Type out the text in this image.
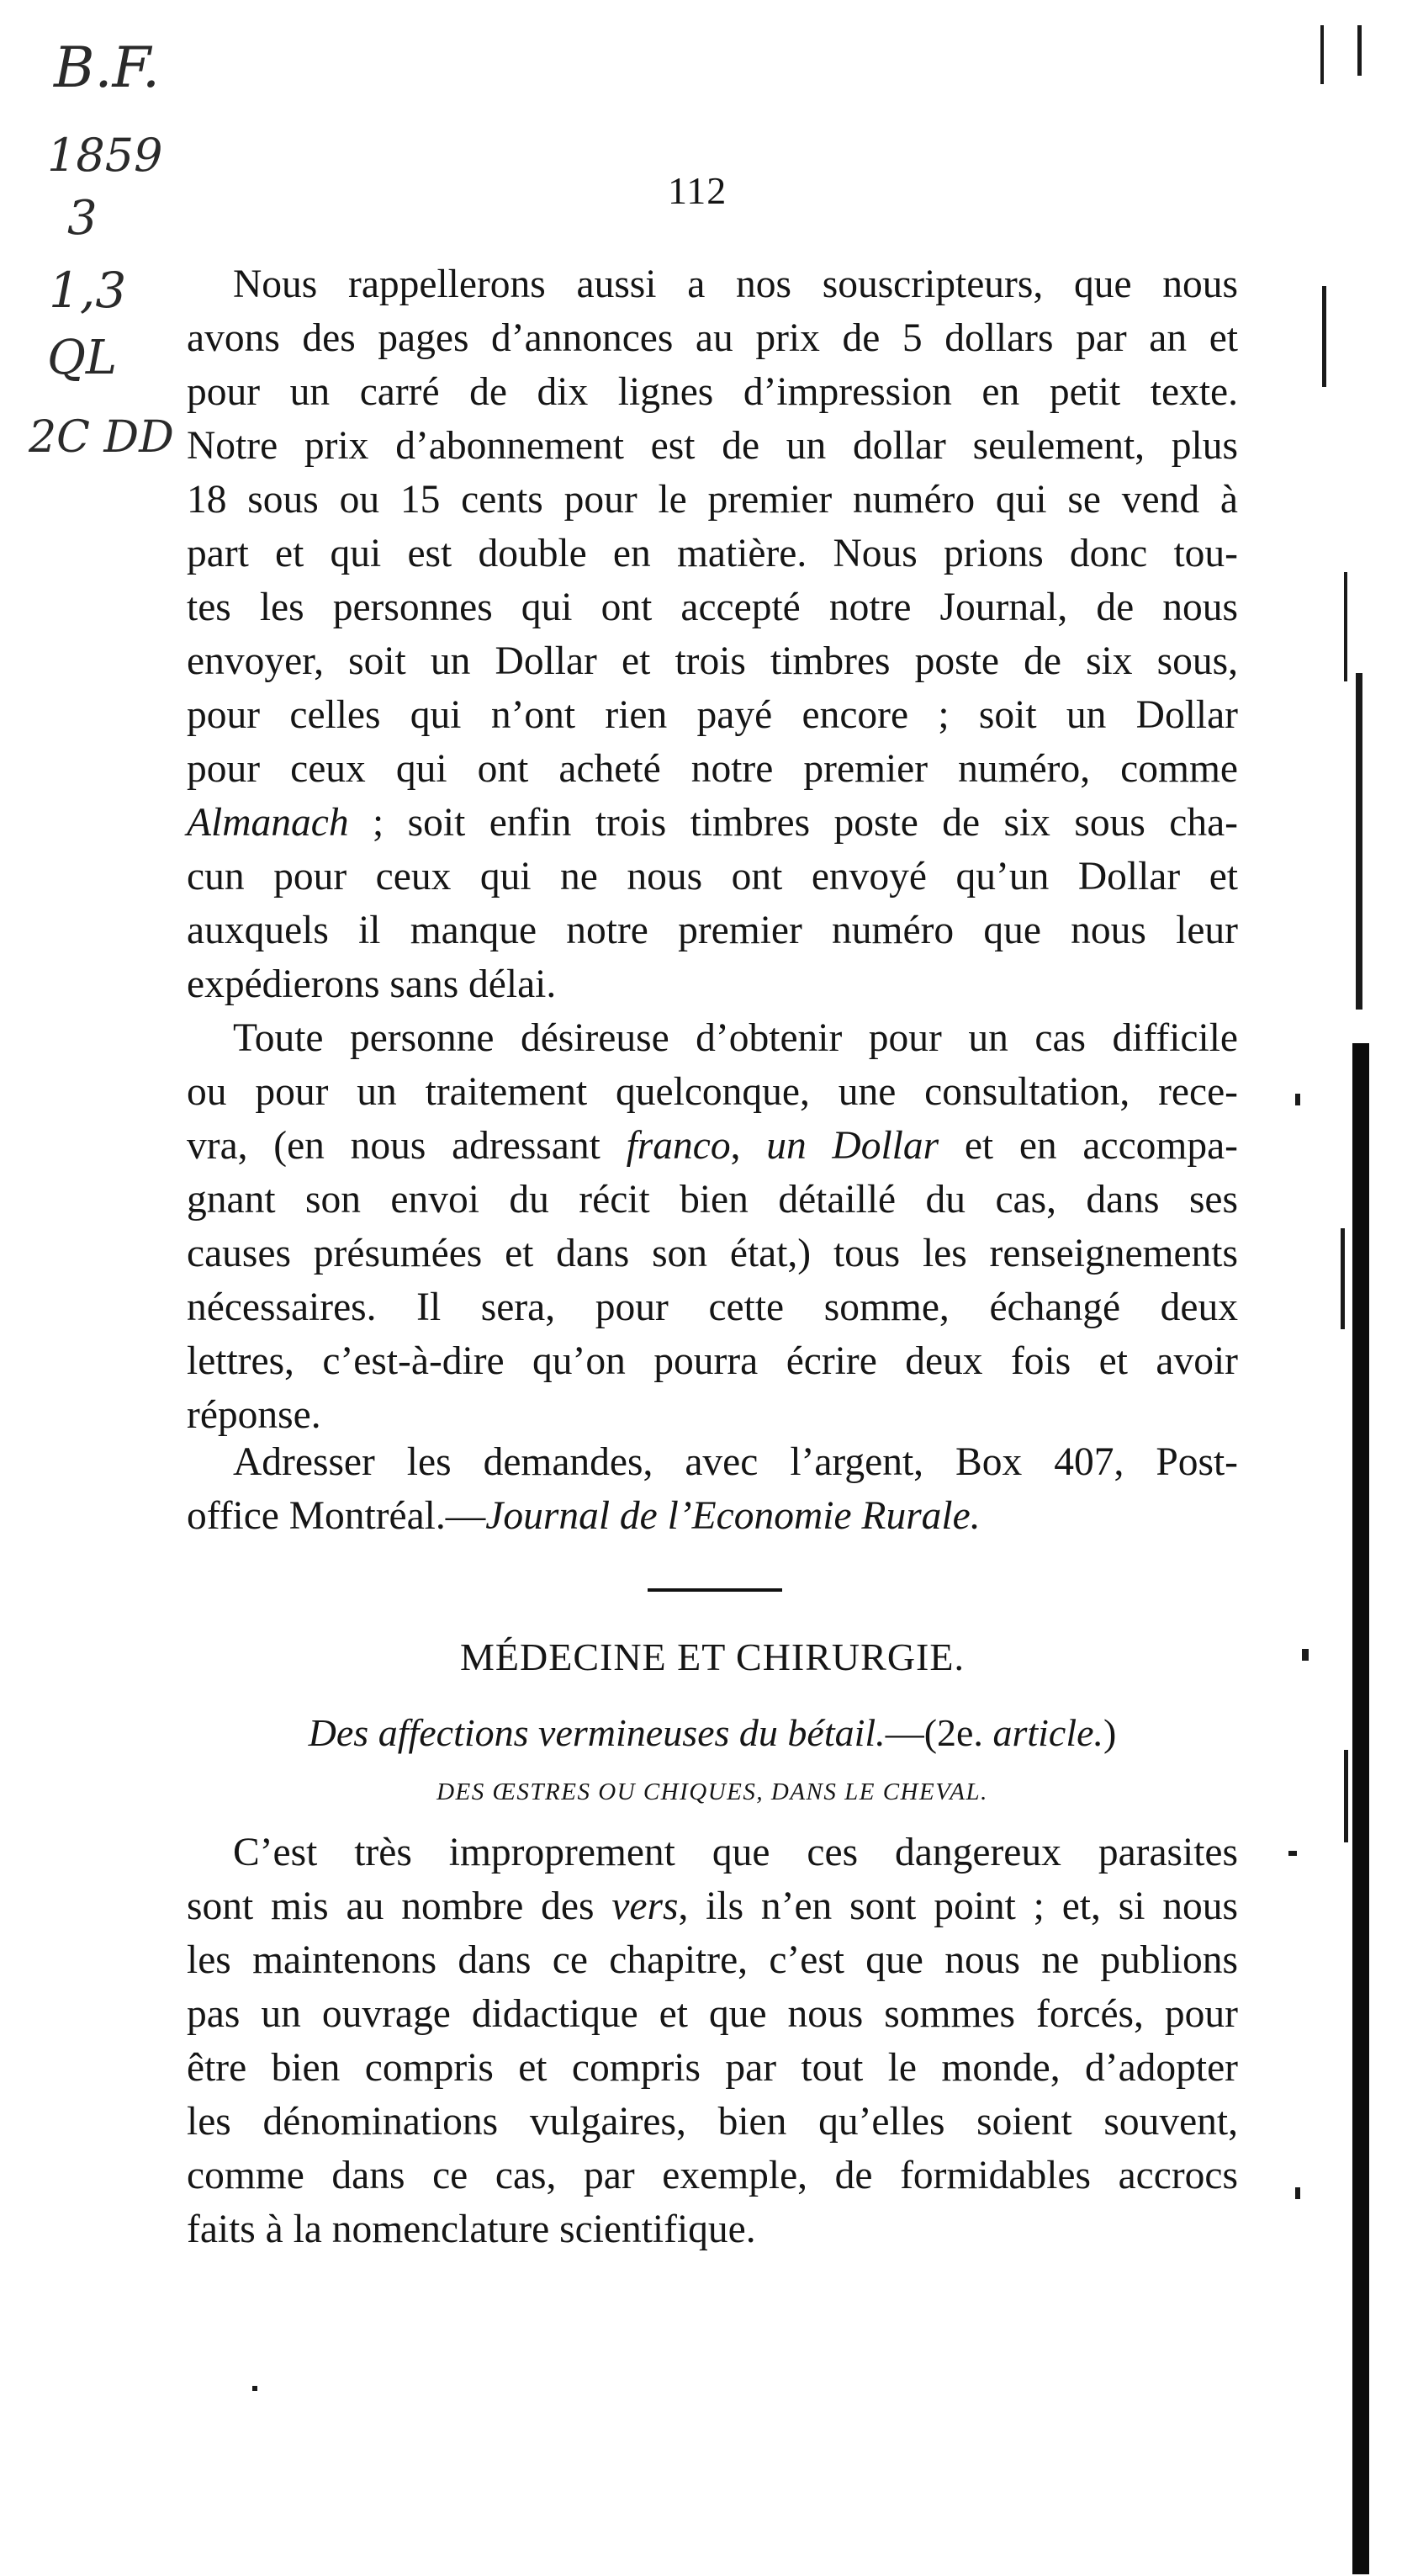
B.F.
1859
3
1,3
QL
2C DD
112
Nous rappellerons aussi a nos souscripteurs, que nous
avons des pages d’annonces au prix de 5 dollars par an et
pour un carré de dix lignes d’impression en petit texte.
Notre prix d’abonnement est de un dollar seulement, plus
18 sous ou 15 cents pour le premier numéro qui se vend à
part et qui est double en matière. Nous prions donc tou-
tes les personnes qui ont accepté notre Journal, de nous
envoyer, soit un Dollar et trois timbres poste de six sous,
pour celles qui n’ont rien payé encore ; soit un Dollar
pour ceux qui ont acheté notre premier numéro, comme
Almanach ; soit enfin trois timbres poste de six sous cha-
cun pour ceux qui ne nous ont envoyé qu’un Dollar et
auxquels il manque notre premier numéro que nous leur
expédierons sans délai.
Toute personne désireuse d’obtenir pour un cas difficile
ou pour un traitement quelconque, une consultation, rece-
vra, (en nous adressant franco, un Dollar et en accompa-
gnant son envoi du récit bien détaillé du cas, dans ses
causes présumées et dans son état,) tous les renseignements
nécessaires. Il sera, pour cette somme, échangé deux
lettres, c’est-à-dire qu’on pourra écrire deux fois et avoir
réponse.
Adresser les demandes, avec l’argent, Box 407, Post-
office Montréal.—Journal de l’Economie Rurale.
MÉDECINE ET CHIRURGIE.
Des affections vermineuses du bétail.—(2e. article.)
DES ŒSTRES OU CHIQUES, DANS LE CHEVAL.
C’est très improprement que ces dangereux parasites
sont mis au nombre des vers, ils n’en sont point ; et, si nous
les maintenons dans ce chapitre, c’est que nous ne publions
pas un ouvrage didactique et que nous sommes forcés, pour
être bien compris et compris par tout le monde, d’adopter
les dénominations vulgaires, bien qu’elles soient souvent,
comme dans ce cas, par exemple, de formidables accrocs
faits à la nomenclature scientifique.
